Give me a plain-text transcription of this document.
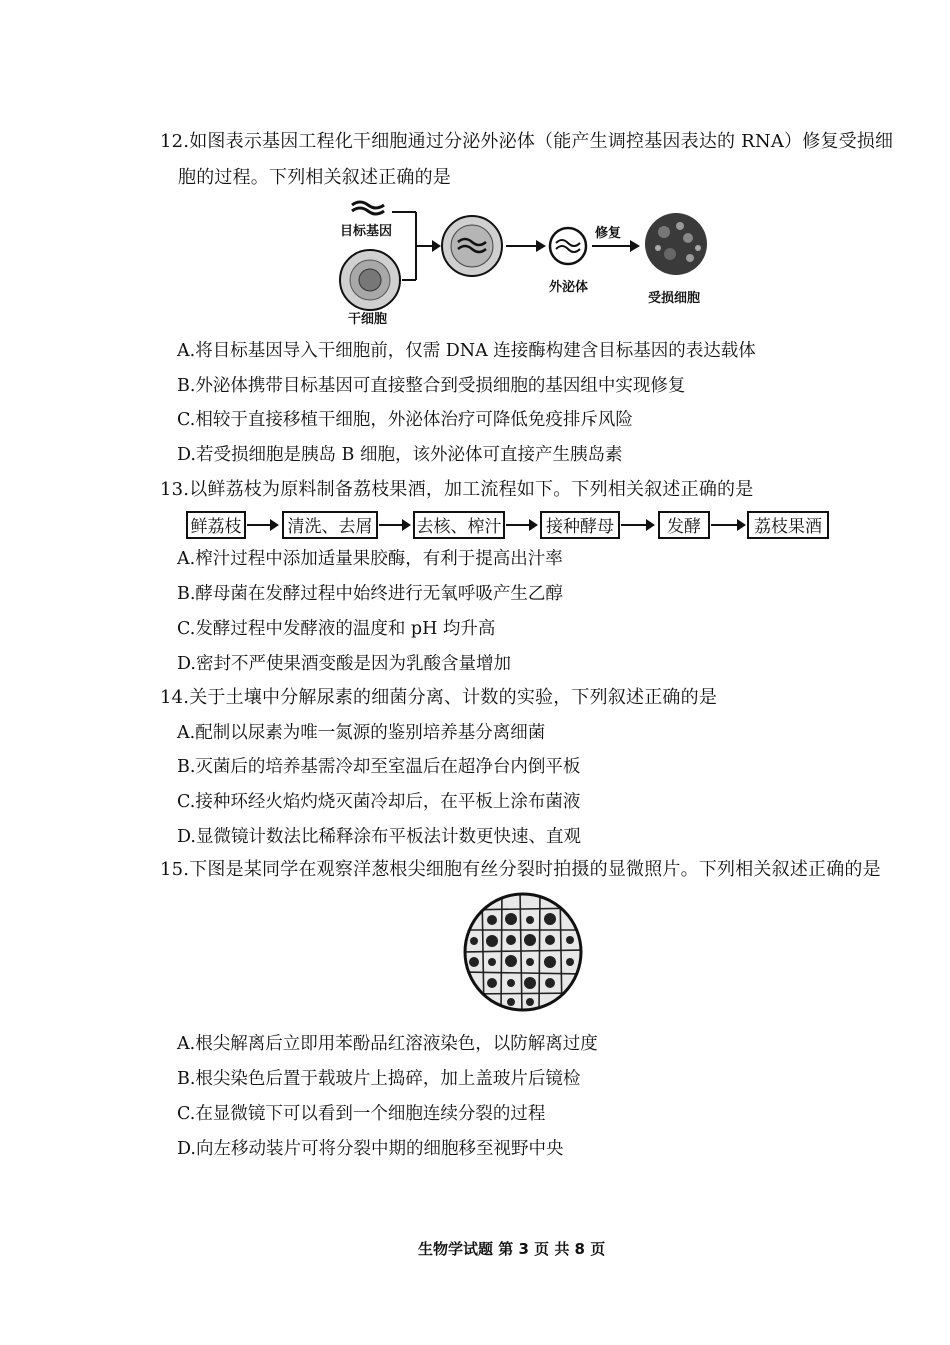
12.如图表示基因工程化干细胞通过分泌外泌体（能产生调控基因表达的 RNA）修复受损细
胞的过程。下列相关叙述正确的是
目标基因
干细胞
外泌体
修复
受损细胞
A.将目标基因导入干细胞前，仅需 DNA 连接酶构建含目标基因的表达载体
B.外泌体携带目标基因可直接整合到受损细胞的基因组中实现修复
C.相较于直接移植干细胞，外泌体治疗可降低免疫排斥风险
D.若受损细胞是胰岛 B 细胞，该外泌体可直接产生胰岛素
13.以鲜荔枝为原料制备荔枝果酒，加工流程如下。下列相关叙述正确的是
鲜荔枝	清洗、去屑	去核、榨汁	接种酵母	发酵	荔枝果酒
A.榨汁过程中添加适量果胶酶，有利于提高出汁率
B.酵母菌在发酵过程中始终进行无氧呼吸产生乙醇
C.发酵过程中发酵液的温度和 pH 均升高
D.密封不严使果酒变酸是因为乳酸含量增加
14.关于土壤中分解尿素的细菌分离、计数的实验，下列叙述正确的是
A.配制以尿素为唯一氮源的鉴别培养基分离细菌
B.灭菌后的培养基需冷却至室温后在超净台内倒平板
C.接种环经火焰灼烧灭菌冷却后，在平板上涂布菌液
D.显微镜计数法比稀释涂布平板法计数更快速、直观
15.下图是某同学在观察洋葱根尖细胞有丝分裂时拍摄的显微照片。下列相关叙述正确的是
A.根尖解离后立即用苯酚品红溶液染色，以防解离过度
B.根尖染色后置于载玻片上捣碎，加上盖玻片后镜检
C.在显微镜下可以看到一个细胞连续分裂的过程
D.向左移动装片可将分裂中期的细胞移至视野中央
生物学试题 第 3 页 共 8 页
